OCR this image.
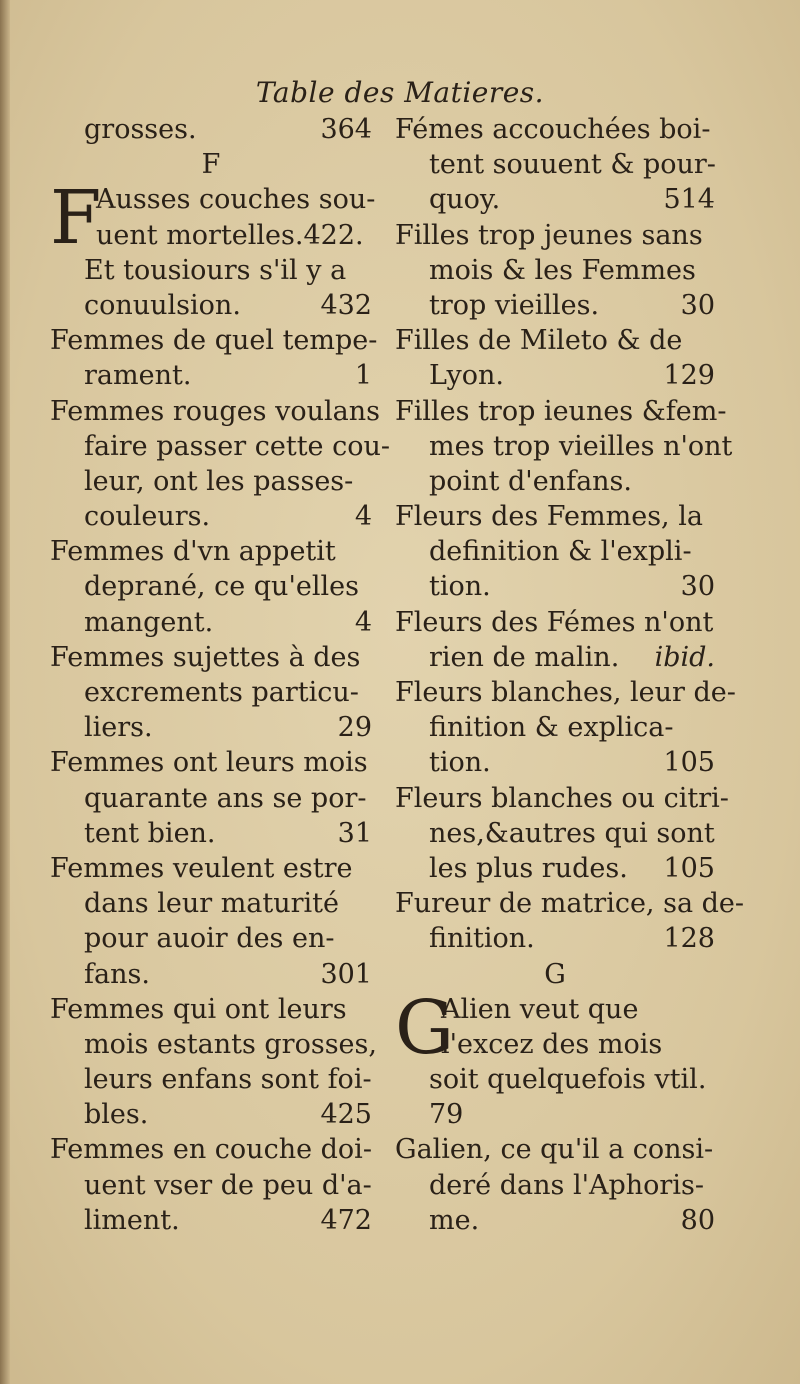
Table des Matieres.
grosses.	364
F
F
Ausses couches sou-
uent mortelles.422.
Et tousiours s'il y a
conuulsion.	432
Femmes de quel tempe-
rament.	1
Femmes rouges voulans
faire passer cette cou-
leur, ont les passes-
couleurs.	4
Femmes d'vn appetit
deprané, ce qu'elles
mangent.	4
Femmes sujettes à des
excrements particu-
liers.	29
Femmes ont leurs mois
quarante ans se por-
tent bien.	31
Femmes veulent estre
dans leur maturité
pour auoir des en-
fans.	301
Femmes qui ont leurs
mois estants grosses,
leurs enfans sont foi-
bles.	425
Femmes en couche doi-
uent vser de peu d'a-
liment.	472
Fémes accouchées boi-
tent souuent & pour-
quoy.	514
Filles trop jeunes sans
mois & les Femmes
trop vieilles.	30
Filles de Mileto & de
Lyon.	129
Filles trop ieunes &fem-
mes trop vieilles n'ont
point d'enfans.
Fleurs des Femmes, la
definition & l'expli-
tion.	30
Fleurs des Fémes n'ont
rien de malin. ibid.
Fleurs blanches, leur de-
finition & explica-
tion.	105
Fleurs blanches ou citri-
nes,&autres qui sont
les plus rudes. 105
Fureur de matrice, sa de-
finition.	128
G
G
Alien veut que
l'excez des mois
soit quelquefois vtil.
79
Galien, ce qu'il a consi-
deré dans l'Aphoris-
me.	80
